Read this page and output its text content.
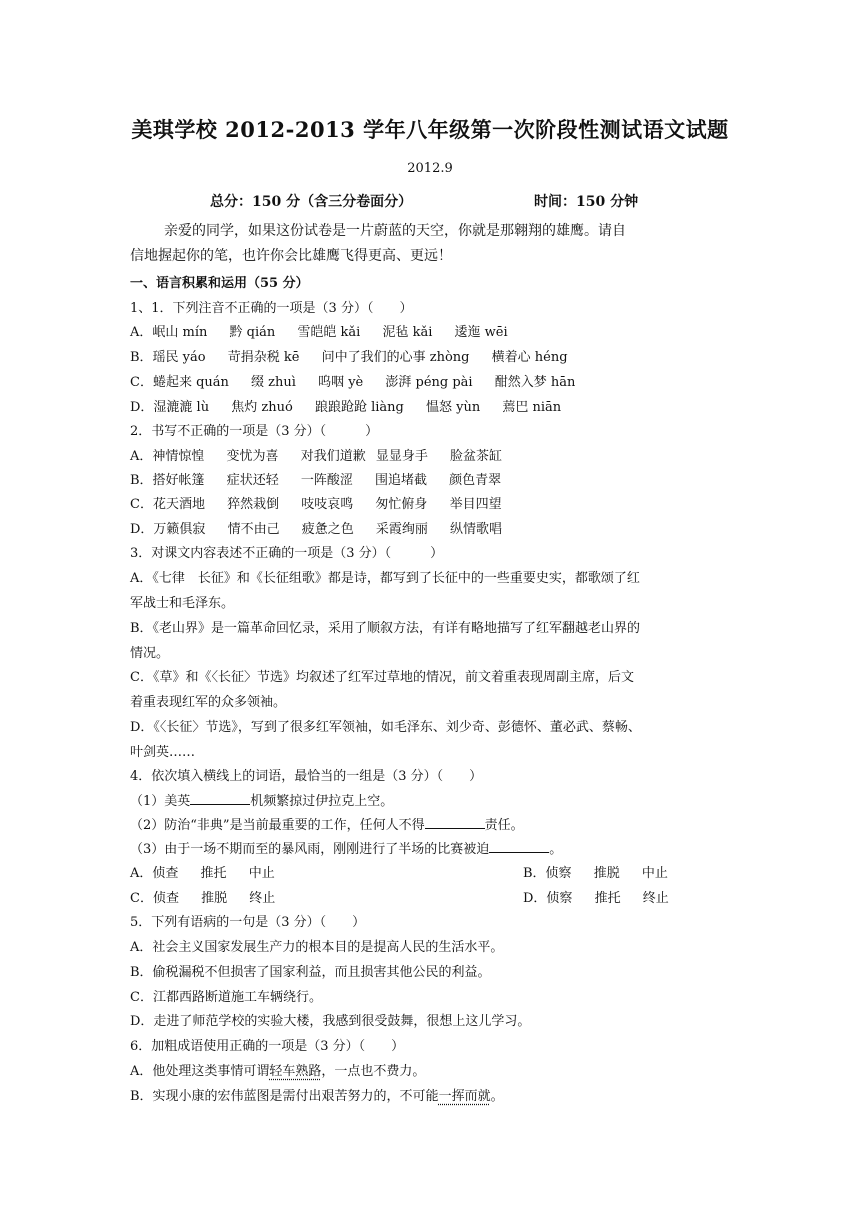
美琪学校 2012-2013 学年八年级第一次阶段性测试语文试题
2012.9
总分：150 分（含三分卷面分）	时间：150 分钟
亲爱的同学，如果这份试卷是一片蔚蓝的天空，你就是那翱翔的雄鹰。请自
信地握起你的笔，也许你会比雄鹰飞得更高、更远！
一、语言积累和运用（55 分）
1、1．下列注音不正确的一项是（3 分）（　　）
A．岷山 mín 黔 qián 雪皑皑 kǎi 泥毡 kǎi 逶迤 wēi
B．瑶民 yáo 苛捐杂税 kē 问中了我们的心事 zhòng 横着心 héng
C．蜷起来 quán 缀 zhuì 呜咽 yè 澎湃 péng pài 酣然入梦 hān
D．湿漉漉 lù 焦灼 zhuó 踉踉跄跄 liàng 愠怒 yùn 蔫巴 niān
2．书写不正确的一项是（3 分）（　　　）
A．神情惊惶 变忧为喜 对我们道歉 显显身手 脸盆茶缸
B．搭好帐篷 症状还轻 一阵酸涩 围追堵截 颜色青翠
C．花天酒地 猝然栽倒 吱吱哀鸣 匆忙俯身 举目四望
D．万籁俱寂 情不由己 疲惫之色 采霞绚丽 纵情歌唱
3．对课文内容表述不正确的一项是（3 分）（　　　）
A．《七律　长征》和《长征组歌》都是诗，都写到了长征中的一些重要史实，都歌颂了红
军战士和毛泽东。
B．《老山界》是一篇革命回忆录，采用了顺叙方法，有详有略地描写了红军翻越老山界的
情况。
C．《草》和《〈长征〉节选》均叙述了红军过草地的情况，前文着重表现周副主席，后文
着重表现红军的众多领袖。
D．《〈长征〉节选》，写到了很多红军领袖，如毛泽东、刘少奇、彭德怀、董必武、蔡畅、
叶剑英……
4．依次填入横线上的词语，最恰当的一组是（3 分）（　　）
（1）美英	机频繁掠过伊拉克上空。
（2）防治“非典”是当前最重要的工作，任何人不得	责任。
（3）由于一场不期而至的暴风雨，刚刚进行了半场的比赛被迫	。
A．侦查 推托 中止	B．侦察 推脱 中止
C．侦查 推脱 终止	D．侦察 推托 终止
5．下列有语病的一句是（3 分）（　　）
A．社会主义国家发展生产力的根本目的是提高人民的生活水平。
B．偷税漏税不但损害了国家利益，而且损害其他公民的利益。
C．江都西路断道施工车辆绕行。
D．走进了师范学校的实验大楼，我感到很受鼓舞，很想上这儿学习。
6．加粗成语使用正确的一项是（3 分）（　　）
A．他处理这类事情可谓轻车熟路，一点也不费力。
B．实现小康的宏伟蓝图是需付出艰苦努力的，不可能一挥而就。
